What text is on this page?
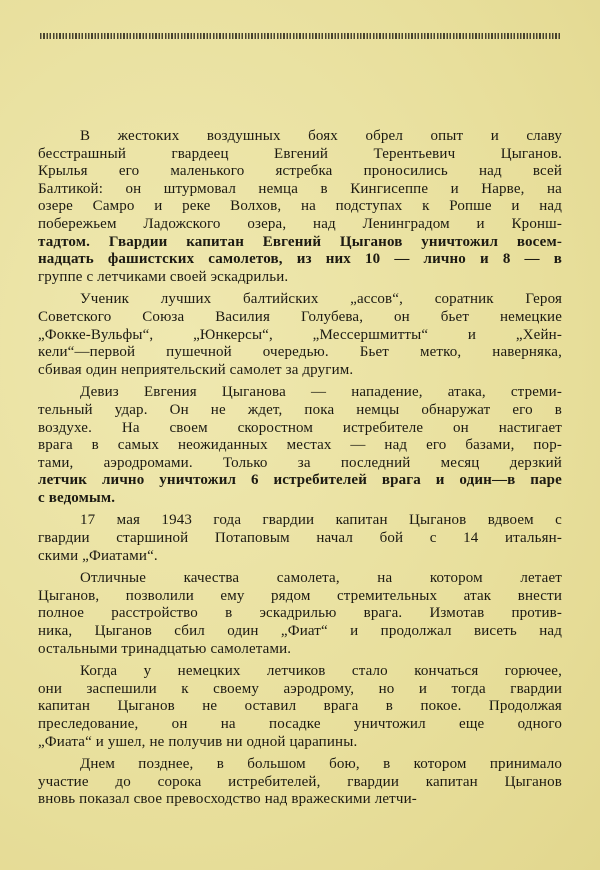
В жестоких воздушных боях обрел опыт и славу
бесстрашный гвардеец Евгений Терентьевич Цыганов.
Крылья его маленького ястребка проносились над всей
Балтикой: он штурмовал немца в Кингисеппе и Нарве, на
озере Самро и реке Волхов, на подступах к Ропше и над
побережьем Ладожского озера, над Ленинградом и Кронш-
тадтом. Гвардии капитан Евгений Цыганов уничтожил восем-
надцать фашистских самолетов, из них 10 — лично и 8 — в
группе с летчиками своей эскадрильи.
Ученик лучших балтийских „ассов“, соратник Героя
Советского Союза Василия Голубева, он бьет немецкие
„Фокке-Вульфы“, „Юнкерсы“, „Мессершмитты“ и „Хейн-
кели“—первой пушечной очередью. Бьет метко, наверняка,
сбивая один неприятельский самолет за другим.
Девиз Евгения Цыганова — нападение, атака, стреми-
тельный удар. Он не ждет, пока немцы обнаружат его в
воздухе. На своем скоростном истребителе он настигает
врага в самых неожиданных местах — над его базами, пор-
тами, аэродромами. Только за последний месяц дерзкий
летчик лично уничтожил 6 истребителей врага и один—в паре
с ведомым.
17 мая 1943 года гвардии капитан Цыганов вдвоем с
гвардии старшиной Потаповым начал бой с 14 итальян-
скими „Фиатами“.
Отличные качества самолета, на котором летает
Цыганов, позволили ему рядом стремительных атак внести
полное расстройство в эскадрилью врага. Измотав против-
ника, Цыганов сбил один „Фиат“ и продолжал висеть над
остальными тринадцатью самолетами.
Когда у немецких летчиков стало кончаться горючее,
они заспешили к своему аэродрому, но и тогда гвардии
капитан Цыганов не оставил врага в покое. Продолжая
преследование, он на посадке уничтожил еще одного
„Фиата“ и ушел, не получив ни одной царапины.
Днем позднее, в большом бою, в котором принимало
участие до сорока истребителей, гвардии капитан Цыганов
вновь показал свое превосходство над вражескими летчи-
